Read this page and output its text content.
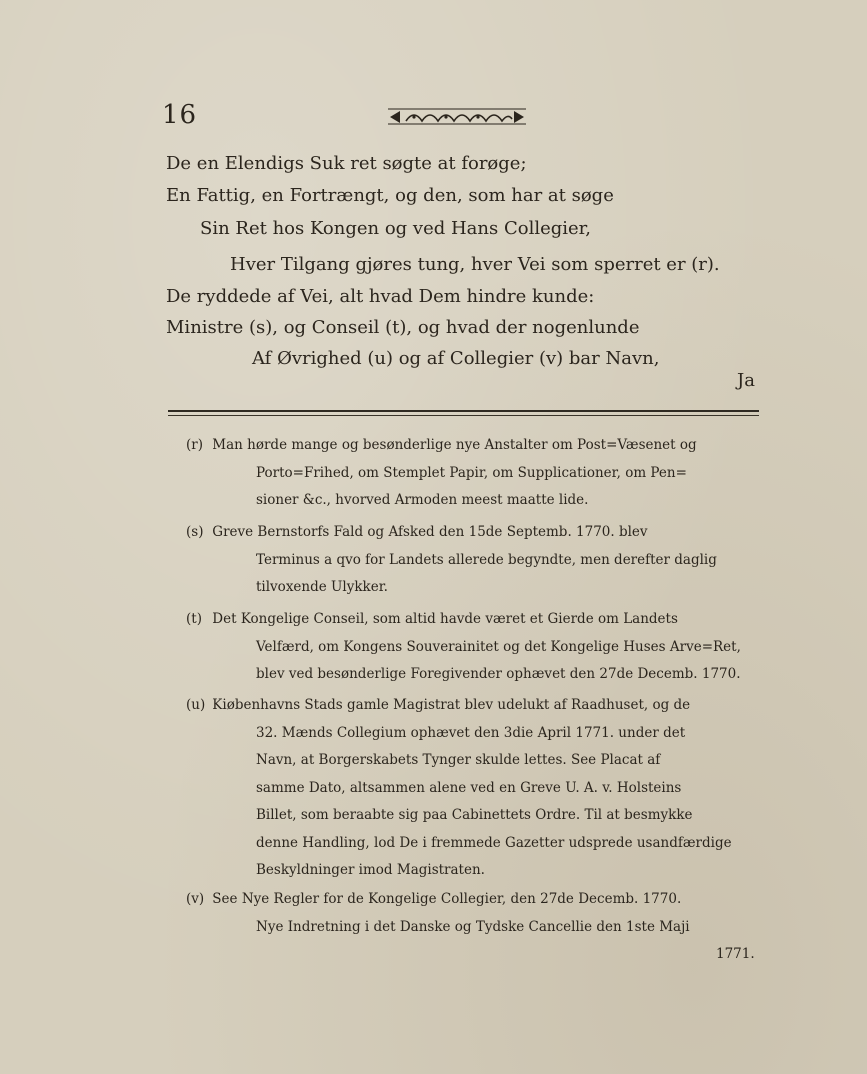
16
De en Elendigs Suk ret søgte at forøge;
En Fattig, en Fortrængt, og den, som har at søge
Sin Ret hos Kongen og ved Hans Collegier,
Hver Tilgang gjøres tung, hver Vei som sperret er (r).
De ryddede af Vei, alt hvad Dem hindre kunde:
Ministre (s), og Conseil (t), og hvad der nogenlunde
Af Øvrighed (u) og af Collegier (v) bar Navn,
Ja
(r) Man hørde mange og besønderlige nye Anstalter om Post=Væsenet og
Porto=Frihed, om Stemplet Papir, om Supplicationer, om Pen=
sioner &c., hvorved Armoden meest maatte lide.
(s) Greve Bernstorfs Fald og Afsked den 15de Septemb. 1770. blev
Terminus a qvo for Landets allerede begyndte, men derefter daglig
tilvoxende Ulykker.
(t) Det Kongelige Conseil, som altid havde været et Gierde om Landets
Velfærd, om Kongens Souverainitet og det Kongelige Huses Arve=Ret,
blev ved besønderlige Foregivender ophævet den 27de Decemb. 1770.
(u) Kiøbenhavns Stads gamle Magistrat blev udelukt af Raadhuset, og de
32. Mænds Collegium ophævet den 3die April 1771. under det
Navn, at Borgerskabets Tynger skulde lettes. See Placat af
samme Dato, altsammen alene ved en Greve U. A. v. Holsteins
Billet, som beraabte sig paa Cabinettets Ordre. Til at besmykke
denne Handling, lod De i fremmede Gazetter udsprede usandfærdige
Beskyldninger imod Magistraten.
(v) See Nye Regler for de Kongelige Collegier, den 27de Decemb. 1770.
Nye Indretning i det Danske og Tydske Cancellie den 1ste Maji
1771.
